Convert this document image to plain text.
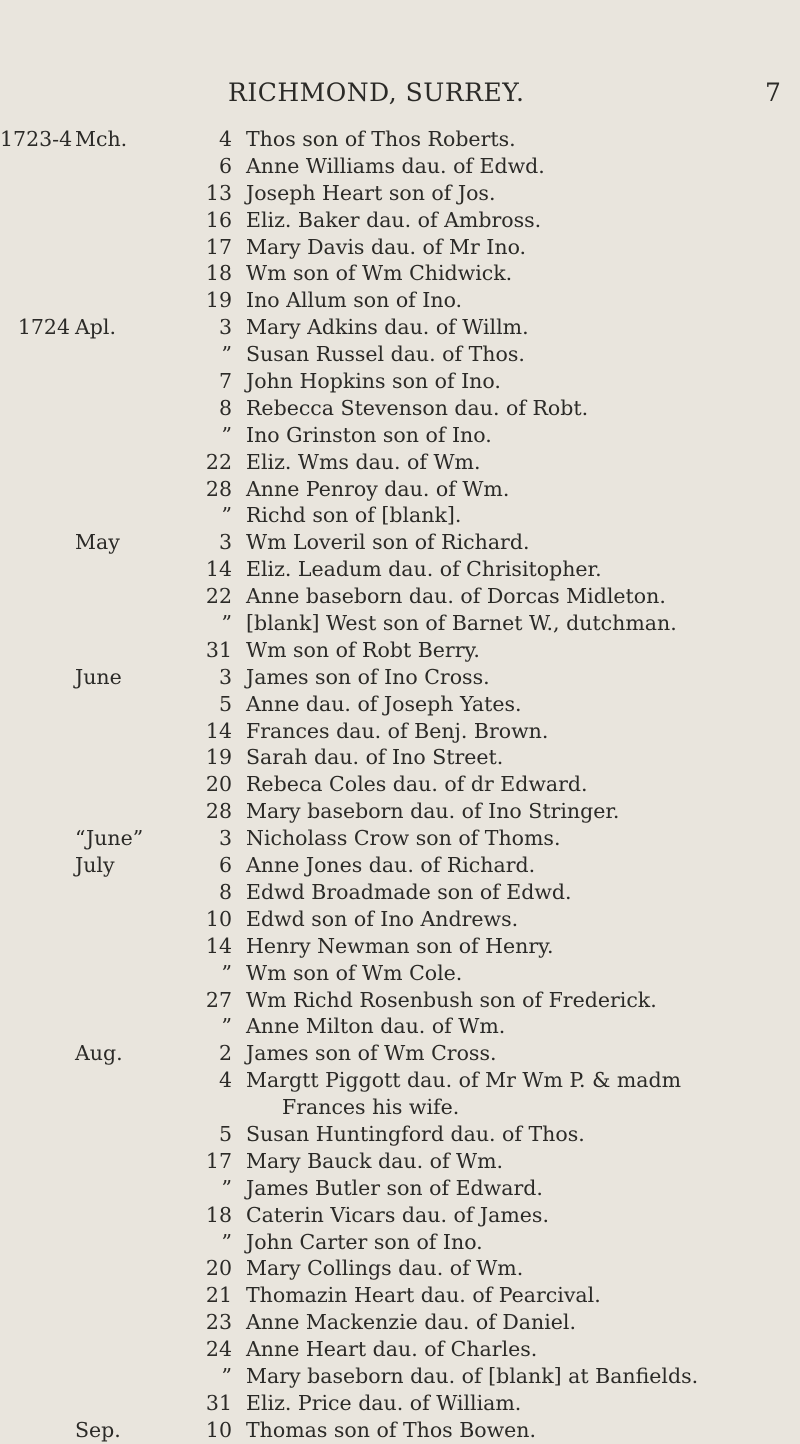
RICHMOND, SURREY.	7
1723-4 Mch.	4 Thos son of Thos Roberts.
6 Anne Williams dau. of Edwd.
13 Joseph Heart son of Jos.
16 Eliz. Baker dau. of Ambross.
17 Mary Davis dau. of Mr Ino.
18 Wm son of Wm Chidwick.
19 Ino Allum son of Ino.
1724 Apl.	3 Mary Adkins dau. of Willm.
” Susan Russel dau. of Thos.
7 John Hopkins son of Ino.
8 Rebecca Stevenson dau. of Robt.
” Ino Grinston son of Ino.
22 Eliz. Wms dau. of Wm.
28 Anne Penroy dau. of Wm.
” Richd son of [blank].
May	3 Wm Loveril son of Richard.
14 Eliz. Leadum dau. of Chrisitopher.
22 Anne baseborn dau. of Dorcas Midleton.
” [blank] West son of Barnet W., dutchman.
31 Wm son of Robt Berry.
June	3 James son of Ino Cross.
5 Anne dau. of Joseph Yates.
14 Frances dau. of Benj. Brown.
19 Sarah dau. of Ino Street.
20 Rebeca Coles dau. of dr Edward.
28 Mary baseborn dau. of Ino Stringer.
“June”	3 Nicholass Crow son of Thoms.
July	6 Anne Jones dau. of Richard.
8 Edwd Broadmade son of Edwd.
10 Edwd son of Ino Andrews.
14 Henry Newman son of Henry.
” Wm son of Wm Cole.
27 Wm Richd Rosenbush son of Frederick.
” Anne Milton dau. of Wm.
Aug.	2 James son of Wm Cross.
4 Margtt Piggott dau. of Mr Wm P. & madm
Frances his wife.
5 Susan Huntingford dau. of Thos.
17 Mary Bauck dau. of Wm.
” James Butler son of Edward.
18 Caterin Vicars dau. of James.
” John Carter son of Ino.
20 Mary Collings dau. of Wm.
21 Thomazin Heart dau. of Pearcival.
23 Anne Mackenzie dau. of Daniel.
24 Anne Heart dau. of Charles.
” Mary baseborn dau. of [blank] at Banfields.
31 Eliz. Price dau. of William.
Sep.	10 Thomas son of Thos Bowen.
